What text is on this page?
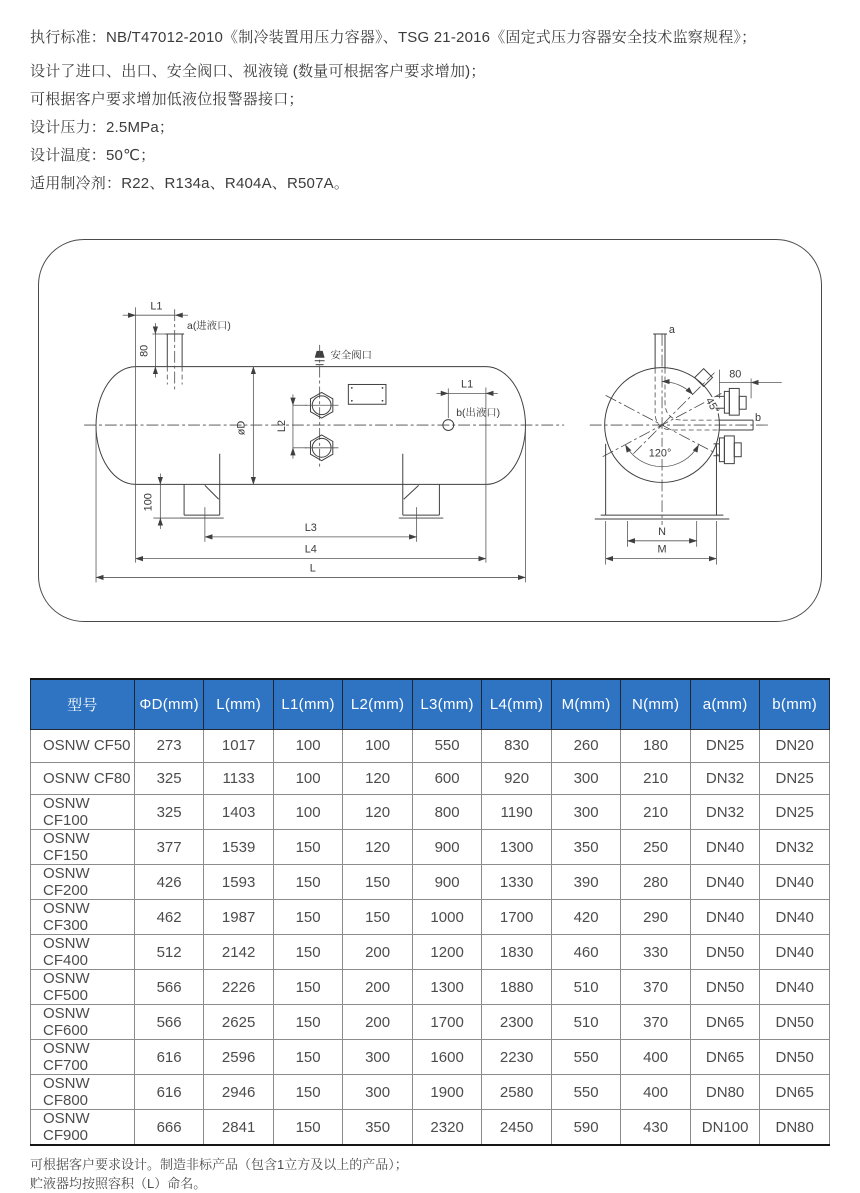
执行标准：NB/T47012-2010《制冷装置用压力容器》、TSG 21-2016《固定式压力容器安全技术监察规程》；

设计了进口、出口、安全阀口、视液镜 (数量可根据客户要求增加)；

可根据客户要求增加低液位报警器接口；

设计压力：2.5MPa；

设计温度：50℃；

适用制冷剂：R22、R134a、R404A、R507A。

a(进液口)
L1
80	安全阀口
L2
øD
b(出液口)
L1
100
L3
L4
L
a
b
45°
80
120°
N
M
型号	ΦD(mm)	L(mm)	L1(mm)	L2(mm)	L3(mm)	L4(mm)	M(mm)	N(mm)	a(mm)	b(mm)
OSNW CF50	273	1017	100	100	550	830	260	180	DN25	DN20
OSNW CF80	325	1133	100	120	600	920	300	210	DN32	DN25
OSNW CF100	325	1403	100	120	800	1190	300	210	DN32	DN25
OSNW CF150	377	1539	150	120	900	1300	350	250	DN40	DN32
OSNW CF200	426	1593	150	150	900	1330	390	280	DN40	DN40
OSNW CF300	462	1987	150	150	1000	1700	420	290	DN40	DN40
OSNW CF400	512	2142	150	200	1200	1830	460	330	DN50	DN40
OSNW CF500	566	2226	150	200	1300	1880	510	370	DN50	DN40
OSNW CF600	566	2625	150	200	1700	2300	510	370	DN65	DN50
OSNW CF700	616	2596	150	300	1600	2230	550	400	DN65	DN50
OSNW CF800	616	2946	150	300	1900	2580	550	400	DN80	DN65
OSNW CF900	666	2841	150	350	2320	2450	590	430	DN100	DN80

可根据客户要求设计。制造非标产品（包含1立方及以上的产品）；

贮液器均按照容积（L）命名。
